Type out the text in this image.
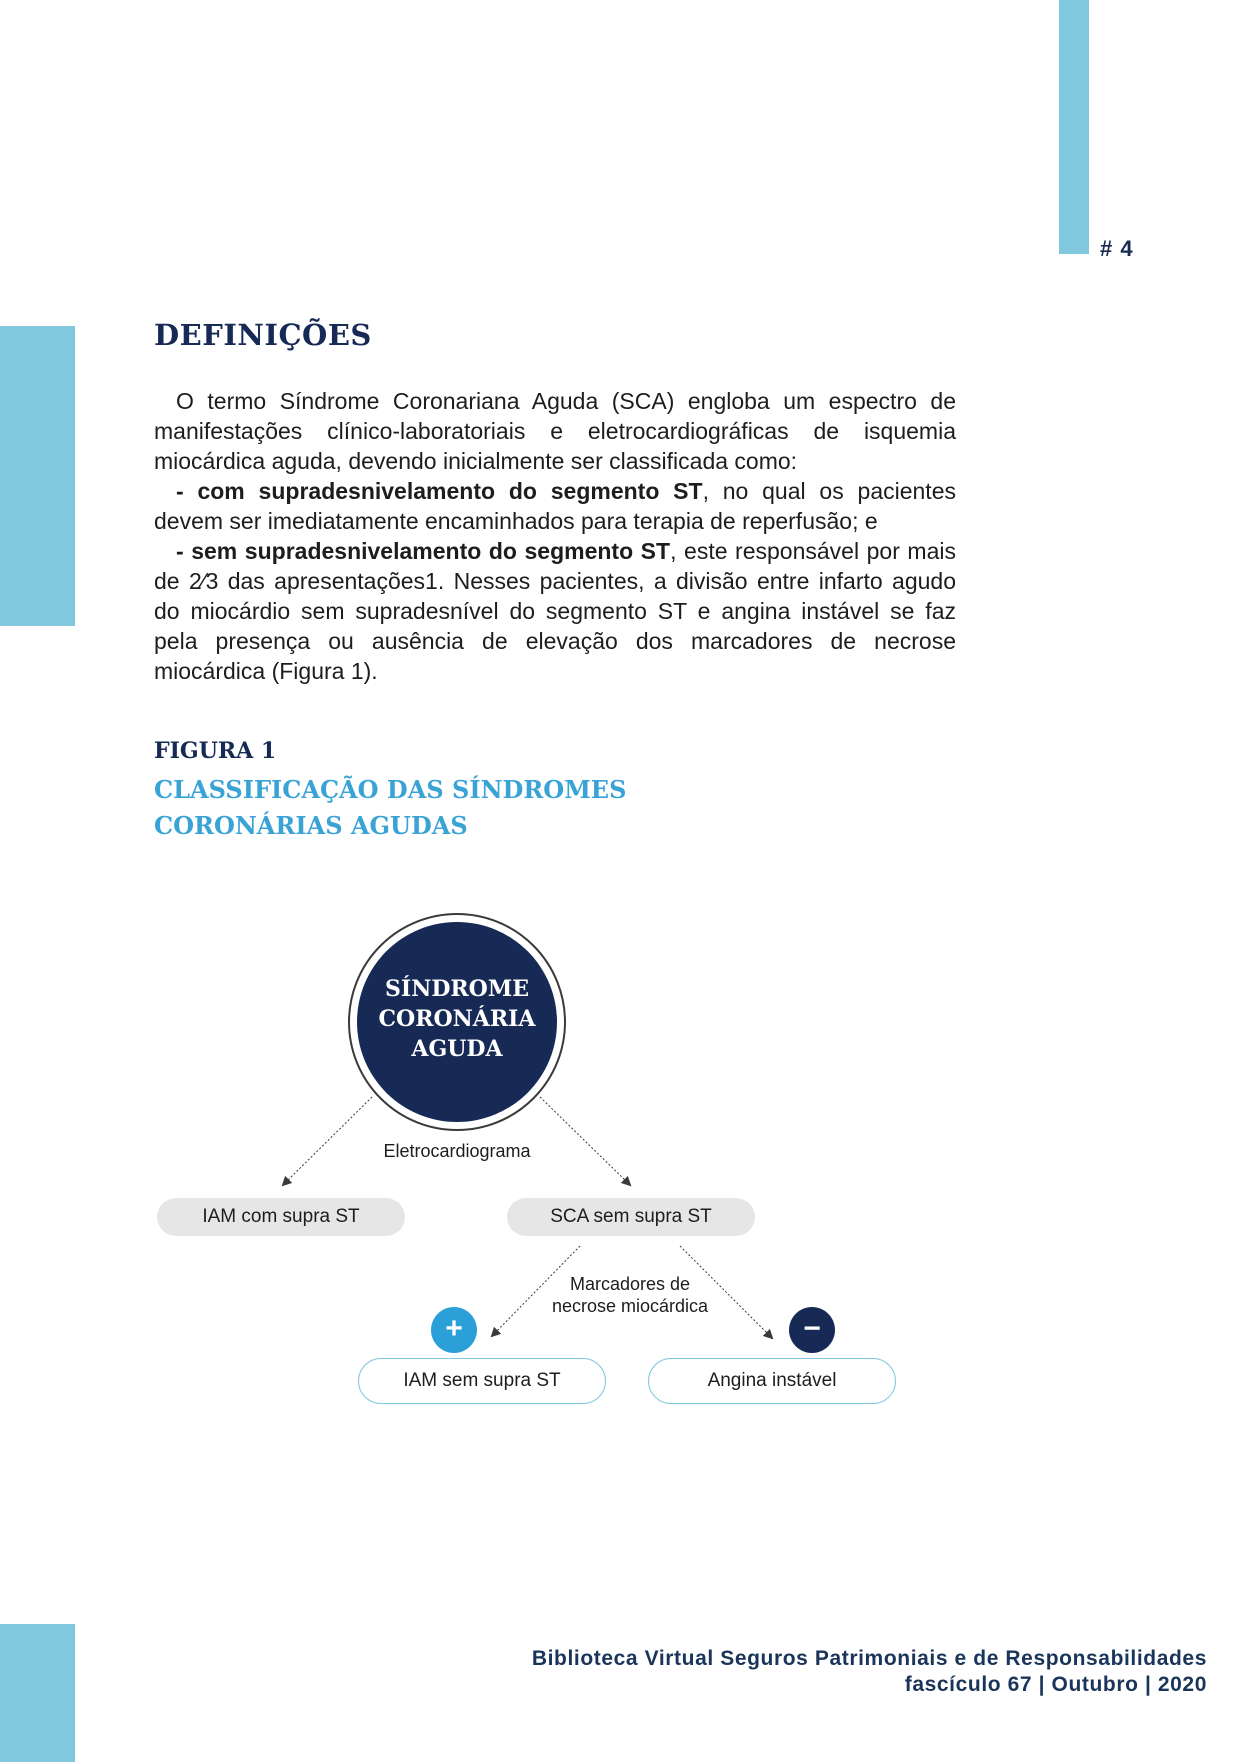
# 4
DEFINIÇÕES

O termo Síndrome Coronariana Aguda (SCA) engloba um espectro de manifestações clínico-laboratoriais e eletrocardiográficas de isquemia miocárdica aguda, devendo inicialmente ser classificada como:

- com supradesnivelamento do segmento ST, no qual os pacientes devem ser imediatamente encaminhados para terapia de reperfusão; e

- sem supradesnivelamento do segmento ST, este responsável por mais de 2⁄3 das apresentações1. Nesses pacientes, a divisão entre infarto agudo do miocárdio sem supradesnível do segmento ST e angina instável se faz pela presença ou ausência de elevação dos marcadores de necrose miocárdica (Figura 1).

FIGURA 1
CLASSIFICAÇÃO DAS SÍNDROMES CORONÁRIAS AGUDAS
SÍNDROME CORONÁRIA AGUDA
Eletrocardiograma
IAM com supra ST	SCA sem supra ST
Marcadores de necrose miocárdica
+	−
IAM sem supra ST	Angina instável
Biblioteca Virtual Seguros Patrimoniais e de Responsabilidades
fascículo 67 | Outubro | 2020
